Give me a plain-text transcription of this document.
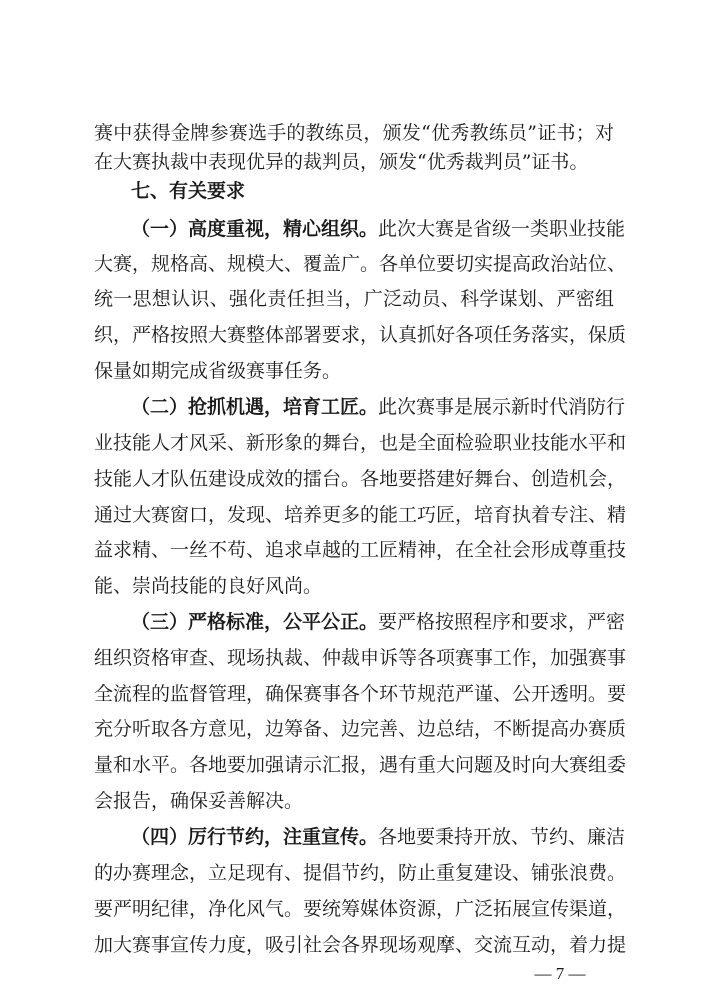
赛中获得金牌参赛选手的教练员，颁发“优秀教练员”证书；对
在大赛执裁中表现优异的裁判员，颁发“优秀裁判员”证书。
七、有关要求
（一）高度重视，精心组织。此次大赛是省级一类职业技能
大赛，规格高、规模大、覆盖广。各单位要切实提高政治站位、
统一思想认识、强化责任担当，广泛动员、科学谋划、严密组
织，严格按照大赛整体部署要求，认真抓好各项任务落实，保质
保量如期完成省级赛事任务。
（二）抢抓机遇，培育工匠。此次赛事是展示新时代消防行
业技能人才风采、新形象的舞台，也是全面检验职业技能水平和
技能人才队伍建设成效的擂台。各地要搭建好舞台、创造机会，
通过大赛窗口，发现、培养更多的能工巧匠，培育执着专注、精
益求精、一丝不苟、追求卓越的工匠精神，在全社会形成尊重技
能、崇尚技能的良好风尚。
（三）严格标准，公平公正。要严格按照程序和要求，严密
组织资格审查、现场执裁、仲裁申诉等各项赛事工作，加强赛事
全流程的监督管理，确保赛事各个环节规范严谨、公开透明。要
充分听取各方意见，边筹备、边完善、边总结，不断提高办赛质
量和水平。各地要加强请示汇报，遇有重大问题及时向大赛组委
会报告，确保妥善解决。
（四）厉行节约，注重宣传。各地要秉持开放、节约、廉洁
的办赛理念，立足现有、提倡节约，防止重复建设、铺张浪费。
要严明纪律，净化风气。要统筹媒体资源，广泛拓展宣传渠道，
加大赛事宣传力度，吸引社会各界现场观摩、交流互动，着力提
— 7 —
